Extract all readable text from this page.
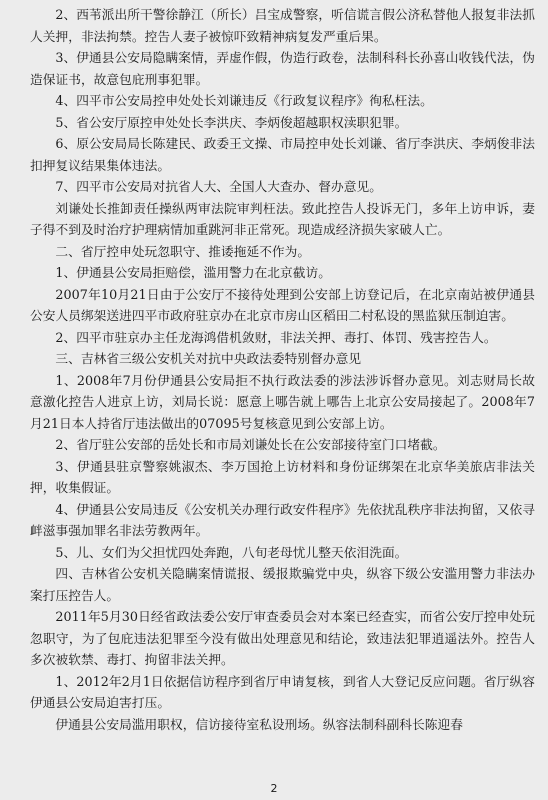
2、西苇派出所干警徐静江（所长）吕宝成警察，听信谎言假公济私替他人报复非法抓人关押，非法拘禁。控告人妻子被惊吓致精神病复发严重后果。

3、伊通县公安局隐瞒案情，弄虚作假，伪造行政卷，法制科科长孙喜山收钱代法，伪造保证书，故意包庇刑事犯罪。

4、四平市公安局控申处处长刘谦违反《行政复议程序》徇私枉法。

5、省公安厅原控申处处长李洪庆、李炳俊超越职权渎职犯罪。

6、原公安局局长陈建民、政委王文操、市局控申处长刘谦、省厅李洪庆、李炳俊非法扣押复议结果集体违法。

7、四平市公安局对抗省人大、全国人大查办、督办意见。

刘谦处长推卸责任操纵两审法院审判枉法。致此控告人投诉无门，多年上访申诉，妻子得不到及时治疗护理病情加重跳河非正常死。现造成经济损失家破人亡。

二、省厅控申处玩忽职守、推诿拖延不作为。

1、伊通县公安局拒赔偿，滥用警力在北京截访。

2007年10月21日由于公安厅不接待处理到公安部上访登记后，在北京南站被伊通县公安人员绑架送进四平市政府驻京办在北京市房山区稻田二村私设的黑监狱压制迫害。

2、四平市驻京办主任龙海鸿借机敛财，非法关押、毒打、体罚、残害控告人。

三、吉林省三级公安机关对抗中央政法委特别督办意见

1、2008年7月份伊通县公安局拒不执行政法委的涉法涉诉督办意见。刘志财局长故意激化控告人进京上访，刘局长说：愿意上哪告就上哪告上北京公安局接起了。2008年7月21日本人持省厅违法做出的07095号复核意见到公安部上访。

2、省厅驻公安部的岳处长和市局刘谦处长在公安部接待室门口堵截。

3、伊通县驻京警察姚淑杰、李万国抢上访材料和身份证绑架在北京华美旅店非法关押，收集假证。

4、伊通县公安局违反《公安机关办理行政安件程序》先依扰乱秩序非法拘留，又依寻衅滋事强加罪名非法劳教两年。

5、儿、女们为父担忧四处奔跑，八旬老母忧儿整天依泪洗面。

四、吉林省公安机关隐瞒案情谎报、缓报欺骗党中央，纵容下级公安滥用警力非法办案打压控告人。

2011年5月30日经省政法委公安厅审查委员会对本案已经查实，而省公安厅控申处玩忽职守，为了包庇违法犯罪至今没有做出处理意见和结论，致违法犯罪逍遥法外。控告人多次被软禁、毒打、拘留非法关押。

1、2012年2月1日依据信访程序到省厅申请复核，到省人大登记反应问题。省厅纵容伊通县公安局迫害打压。

伊通县公安局滥用职权，信访接待室私设刑场。纵容法制科副科长陈迎春

2
